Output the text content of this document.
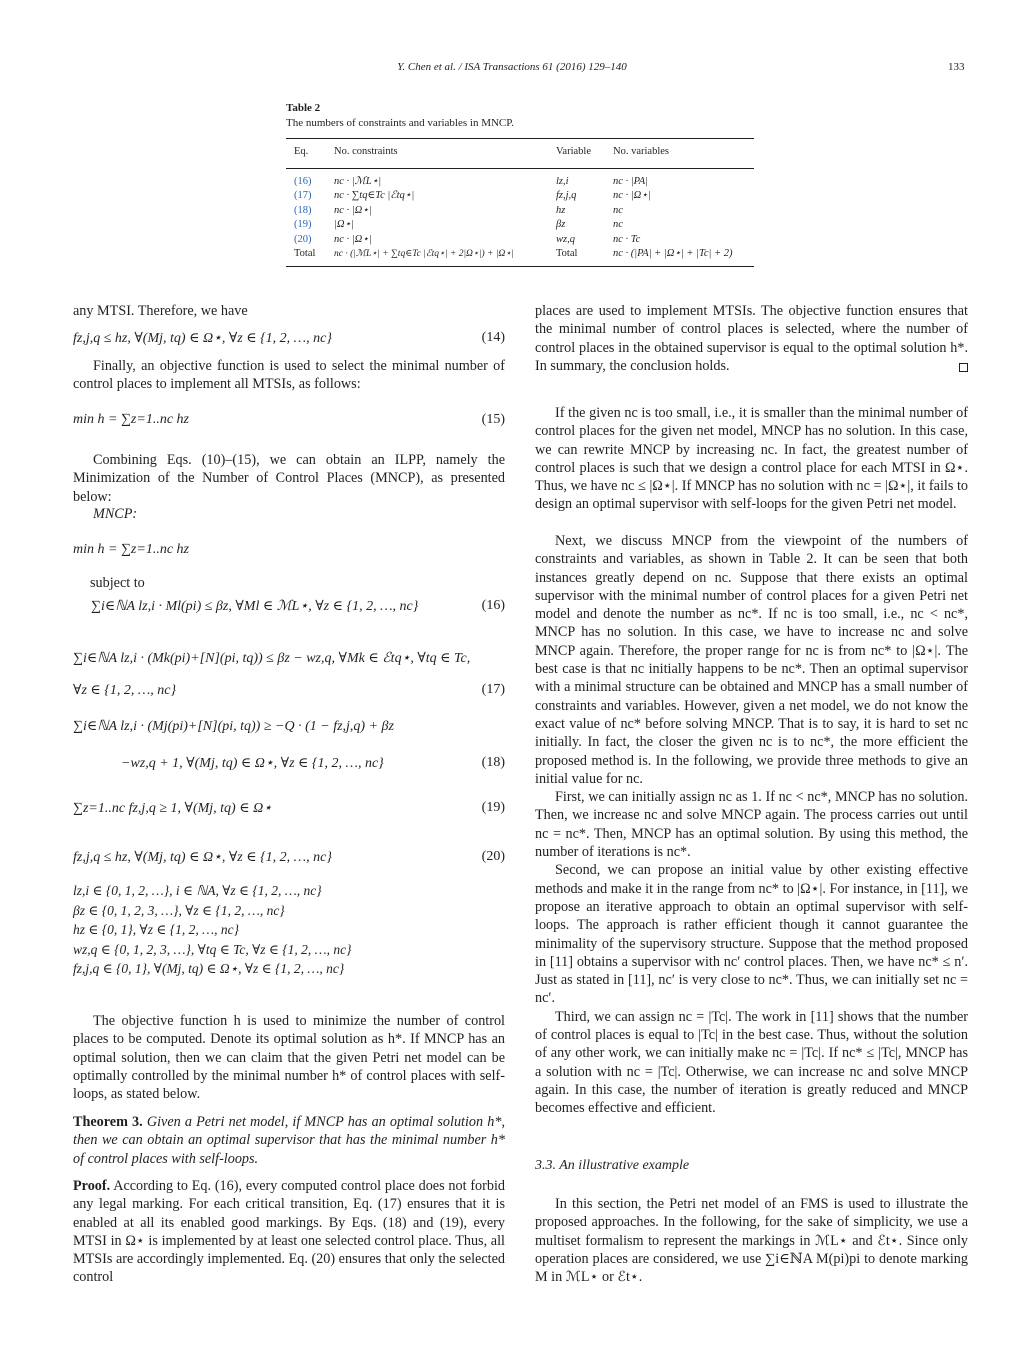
Y. Chen et al. / ISA Transactions 61 (2016) 129–140	133
Table 2
The numbers of constraints and variables in MNCP.
Eq.	No. constraints	Variable	No. variables
(16)	nc · |ℳL⋆|	lz,i	nc · |PA|
(17)	nc · ∑tq∈Tc |ℰtq⋆|	fz,j,q	nc · |Ω⋆|
(18)	nc · |Ω⋆|	hz	nc
(19)	|Ω⋆|	βz	nc
(20)	nc · |Ω⋆|	wz,q	nc · Tc
Total	nc · (|ℳL⋆| + ∑tq∈Tc |ℰtq⋆| + 2|Ω⋆|) + |Ω⋆|	Total	nc · (|PA| + |Ω⋆| + |Tc| + 2)
any MTSI. Therefore, we have
fz,j,q ≤ hz, ∀(Mj, tq) ∈ Ω⋆, ∀z ∈ {1, 2, …, nc}	(14)

Finally, an objective function is used to select the minimal number of control places to implement all MTSIs, as follows:

min h = ∑z=1..nc hz	(15)

Combining Eqs. (10)–(15), we can obtain an ILPP, namely the Minimization of the Number of Control Places (MNCP), as presented below:

MNCP:
min h = ∑z=1..nc hz
subject to
∑i∈ℕA lz,i · Ml(pi) ≤ βz, ∀Ml ∈ ℳL⋆, ∀z ∈ {1, 2, …, nc}	(16)
∑i∈ℕA lz,i · (Mk(pi)+[N](pi, tq)) ≤ βz − wz,q, ∀Mk ∈ ℰtq⋆, ∀tq ∈ Tc,
∀z ∈ {1, 2, …, nc}	(17)
∑i∈ℕA lz,i · (Mj(pi)+[N](pi, tq)) ≥ −Q · (1 − fz,j,q) + βz
−wz,q + 1, ∀(Mj, tq) ∈ Ω⋆, ∀z ∈ {1, 2, …, nc}	(18)
∑z=1..nc fz,j,q ≥ 1, ∀(Mj, tq) ∈ Ω⋆	(19)
fz,j,q ≤ hz, ∀(Mj, tq) ∈ Ω⋆, ∀z ∈ {1, 2, …, nc}	(20)
lz,i ∈ {0, 1, 2, …}, i ∈ ℕA, ∀z ∈ {1, 2, …, nc}
βz ∈ {0, 1, 2, 3, …}, ∀z ∈ {1, 2, …, nc}
hz ∈ {0, 1}, ∀z ∈ {1, 2, …, nc}
wz,q ∈ {0, 1, 2, 3, …}, ∀tq ∈ Tc, ∀z ∈ {1, 2, …, nc}
fz,j,q ∈ {0, 1}, ∀(Mj, tq) ∈ Ω⋆, ∀z ∈ {1, 2, …, nc}

The objective function h is used to minimize the number of control places to be computed. Denote its optimal solution as h*. If MNCP has an optimal solution, then we can claim that the given Petri net model can be optimally controlled by the minimal number h* of control places with self-loops, as stated below.

Theorem 3. Given a Petri net model, if MNCP has an optimal solution h*, then we can obtain an optimal supervisor that has the minimal number h* of control places with self-loops.
Proof. According to Eq. (16), every computed control place does not forbid any legal marking. For each critical transition, Eq. (17) ensures that it is enabled at all its enabled good markings. By Eqs. (18) and (19), every MTSI in Ω⋆ is implemented by at least one selected control place. Thus, all MTSIs are accordingly implemented. Eq. (20) ensures that only the selected control
places are used to implement MTSIs. The objective function ensures that the minimal number of control places is selected, where the number of control places in the obtained supervisor is equal to the optimal solution h*. In summary, the conclusion holds.

If the given nc is too small, i.e., it is smaller than the minimal number of control places for the given net model, MNCP has no solution. In this case, we can rewrite MNCP by increasing nc. In fact, the greatest number of control places is such that we design a control place for each MTSI in Ω⋆. Thus, we have nc ≤ |Ω⋆|. If MNCP has no solution with nc = |Ω⋆|, it fails to design an optimal supervisor with self-loops for the given Petri net model.

Next, we discuss MNCP from the viewpoint of the numbers of constraints and variables, as shown in Table 2. It can be seen that both instances greatly depend on nc. Suppose that there exists an optimal supervisor with the minimal number of control places for a given Petri net model and denote the number as nc*. If nc is too small, i.e., nc < nc*, MNCP has no solution. In this case, we have to increase nc and solve MNCP again. Therefore, the proper range for nc is from nc* to |Ω⋆|. The best case is that nc initially happens to be nc*. Then an optimal supervisor with a minimal structure can be obtained and MNCP has a small number of constraints and variables. However, given a net model, we do not know the exact value of nc* before solving MNCP. That is to say, it is hard to set nc initially. In fact, the closer the given nc is to nc*, the more efficient the proposed method is. In the following, we provide three methods to give an initial value for nc.

First, we can initially assign nc as 1. If nc < nc*, MNCP has no solution. Then, we increase nc and solve MNCP again. The process carries out until nc = nc*. Then, MNCP has an optimal solution. By using this method, the number of iterations is nc*.

Second, we can propose an initial value by other existing effective methods and make it in the range from nc* to |Ω⋆|. For instance, in [11], we propose an iterative approach to obtain an optimal supervisor with self-loops. The approach is rather efficient though it cannot guarantee the minimality of the supervisory structure. Suppose that the method proposed in [11] obtains a supervisor with nc′ control places. Then, we have nc* ≤ n′. Just as stated in [11], nc′ is very close to nc*. Thus, we can initially set nc = nc′.

Third, we can assign nc = |Tc|. The work in [11] shows that the number of control places is equal to |Tc| in the best case. Thus, without the solution of any other work, we can initially make nc = |Tc|. If nc* ≤ |Tc|, MNCP has a solution with nc = |Tc|. Otherwise, we can increase nc and solve MNCP again. In this case, the number of iteration is greatly reduced and MNCP becomes effective and efficient.

3.3. An illustrative example

In this section, the Petri net model of an FMS is used to illustrate the proposed approaches. In the following, for the sake of simplicity, we use a multiset formalism to represent the markings in ℳL⋆ and ℰt⋆. Since only operation places are considered, we use ∑i∈ℕA M(pi)pi to denote marking M in ℳL⋆ or ℰt⋆.
